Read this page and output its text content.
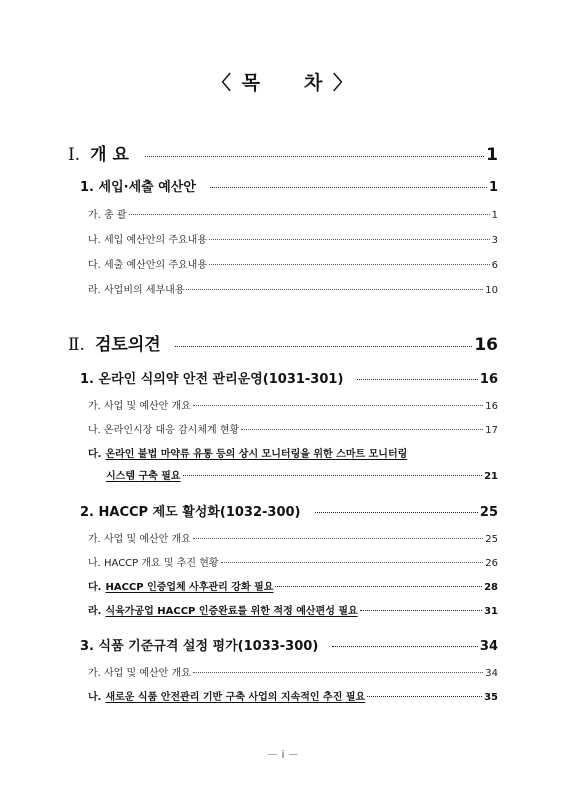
〈 목 차 〉
Ⅰ. 개 요	1
1. 세입·세출 예산안	1
가. 총 괄	1
나. 세입 예산안의 주요내용	3
다. 세출 예산안의 주요내용	6
라. 사업비의 세부내용	10
Ⅱ. 검토의견	16
1. 온라인 식의약 안전 관리운영(1031-301)	16
가. 사업 및 예산안 개요	16
나. 온라인시장 대응 감시체계 현황	17
다. 온라인 불법 마약류 유통 등의 상시 모니터링을 위한 스마트 모니터링
시스템 구축 필요	21
2. HACCP 제도 활성화(1032-300)	25
가. 사업 및 예산안 개요	25
나. HACCP 개요 및 추진 현황	26
다. HACCP 인증업체 사후관리 강화 필요	28
라. 식육가공업 HACCP 인증완료를 위한 적정 예산편성 필요	31
3. 식품 기준규격 설정 평가(1033-300)	34
가. 사업 및 예산안 개요	34
나. 새로운 식품 안전관리 기반 구축 사업의 지속적인 추진 필요	35
－ i －
